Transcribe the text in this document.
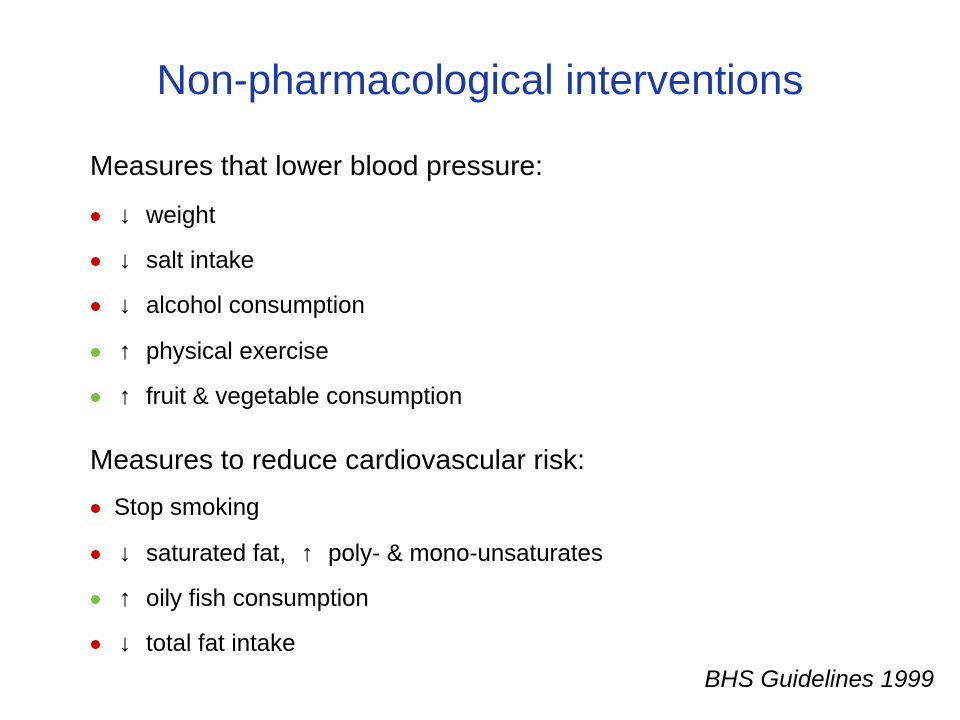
Non-pharmacological interventions
Measures that lower blood pressure:
↓ weight
↓ salt intake
↓ alcohol consumption
↑ physical exercise
↑ fruit & vegetable consumption
Measures to reduce cardiovascular risk:
Stop smoking
↓ saturated fat, ↑ poly- & mono-unsaturates
↑ oily fish consumption
↓ total fat intake
BHS Guidelines 1999
